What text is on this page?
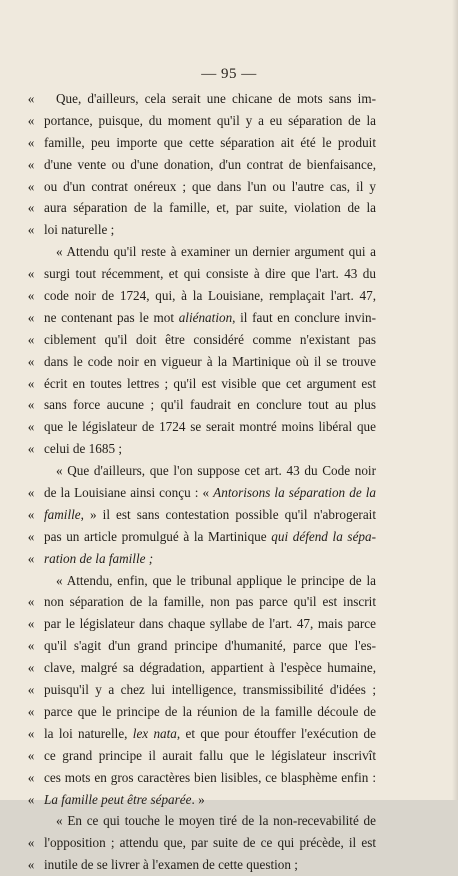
— 95 —
« Que, d'ailleurs, cela serait une chicane de mots sans im-
« portance, puisque, du moment qu'il y a eu séparation de la
« famille, peu importe que cette séparation ait été le produit
« d'une vente ou d'une donation, d'un contrat de bienfaisance,
« ou d'un contrat onéreux ; que dans l'un ou l'autre cas, il y
« aura séparation de la famille, et, par suite, violation de la
« loi naturelle ;
« Attendu qu'il reste à examiner un dernier argument qui a
« surgi tout récemment, et qui consiste à dire que l'art. 43 du
« code noir de 1724, qui, à la Louisiane, remplaçait l'art. 47,
« ne contenant pas le mot aliénation, il faut en conclure invin-
« ciblement qu'il doit être considéré comme n'existant pas
« dans le code noir en vigueur à la Martinique où il se trouve
« écrit en toutes lettres ; qu'il est visible que cet argument est
« sans force aucune ; qu'il faudrait en conclure tout au plus
« que le législateur de 1724 se serait montré moins libéral que
« celui de 1685 ;
« Que d'ailleurs, que l'on suppose cet art. 43 du Code noir
« de la Louisiane ainsi conçu : « Antorisons la séparation de la
« famille, » il est sans contestation possible qu'il n'abrogerait
« pas un article promulgué à la Martinique qui défend la sépa-
« ration de la famille ;
« Attendu, enfin, que le tribunal applique le principe de la
« non séparation de la famille, non pas parce qu'il est inscrit
« par le législateur dans chaque syllabe de l'art. 47, mais parce
« qu'il s'agit d'un grand principe d'humanité, parce que l'es-
« clave, malgré sa dégradation, appartient à l'espèce humaine,
« puisqu'il y a chez lui intelligence, transmissibilité d'idées ;
« parce que le principe de la réunion de la famille découle de
« la loi naturelle, lex nata, et que pour étouffer l'exécution de
« ce grand principe il aurait fallu que le législateur inscrivît
« ces mots en gros caractères bien lisibles, ce blasphème enfin :
« La famille peut être séparée. »
« En ce qui touche le moyen tiré de la non-recevabilité de
« l'opposition ; attendu que, par suite de ce qui précède, il est
« inutile de se livrer à l'examen de cette question ;
